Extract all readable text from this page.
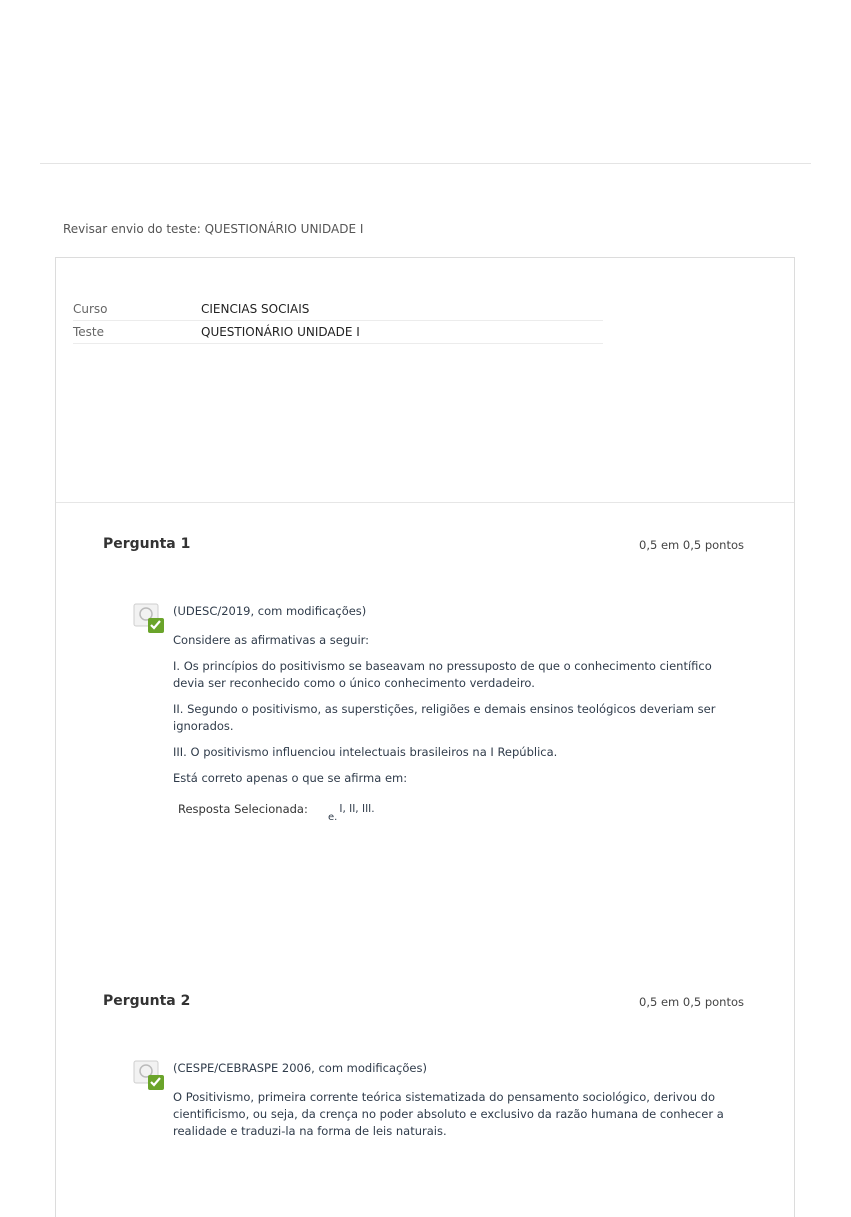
Revisar envio do teste: QUESTIONÁRIO UNIDADE I
Curso	CIENCIAS SOCIAIS
Teste	QUESTIONÁRIO UNIDADE I
Pergunta 1	0,5 em 0,5 pontos

(UDESC/2019, com modificações)

Considere as afirmativas a seguir:

I. Os princípios do positivismo se baseavam no pressuposto de que o conhecimento científico devia ser reconhecido como o único conhecimento verdadeiro.

II. Segundo o positivismo, as superstições, religiões e demais ensinos teológicos deveriam ser ignorados.

III. O positivismo influenciou intelectuais brasileiros na I República.

Está correto apenas o que se afirma em:

Resposta Selecionada:
e.
I, II, III.
Pergunta 2	0,5 em 0,5 pontos

(CESPE/CEBRASPE 2006, com modificações)

O Positivismo, primeira corrente teórica sistematizada do pensamento sociológico, derivou do cientificismo, ou seja, da crença no poder absoluto e exclusivo da razão humana de conhecer a realidade e traduzi-la na forma de leis naturais.
